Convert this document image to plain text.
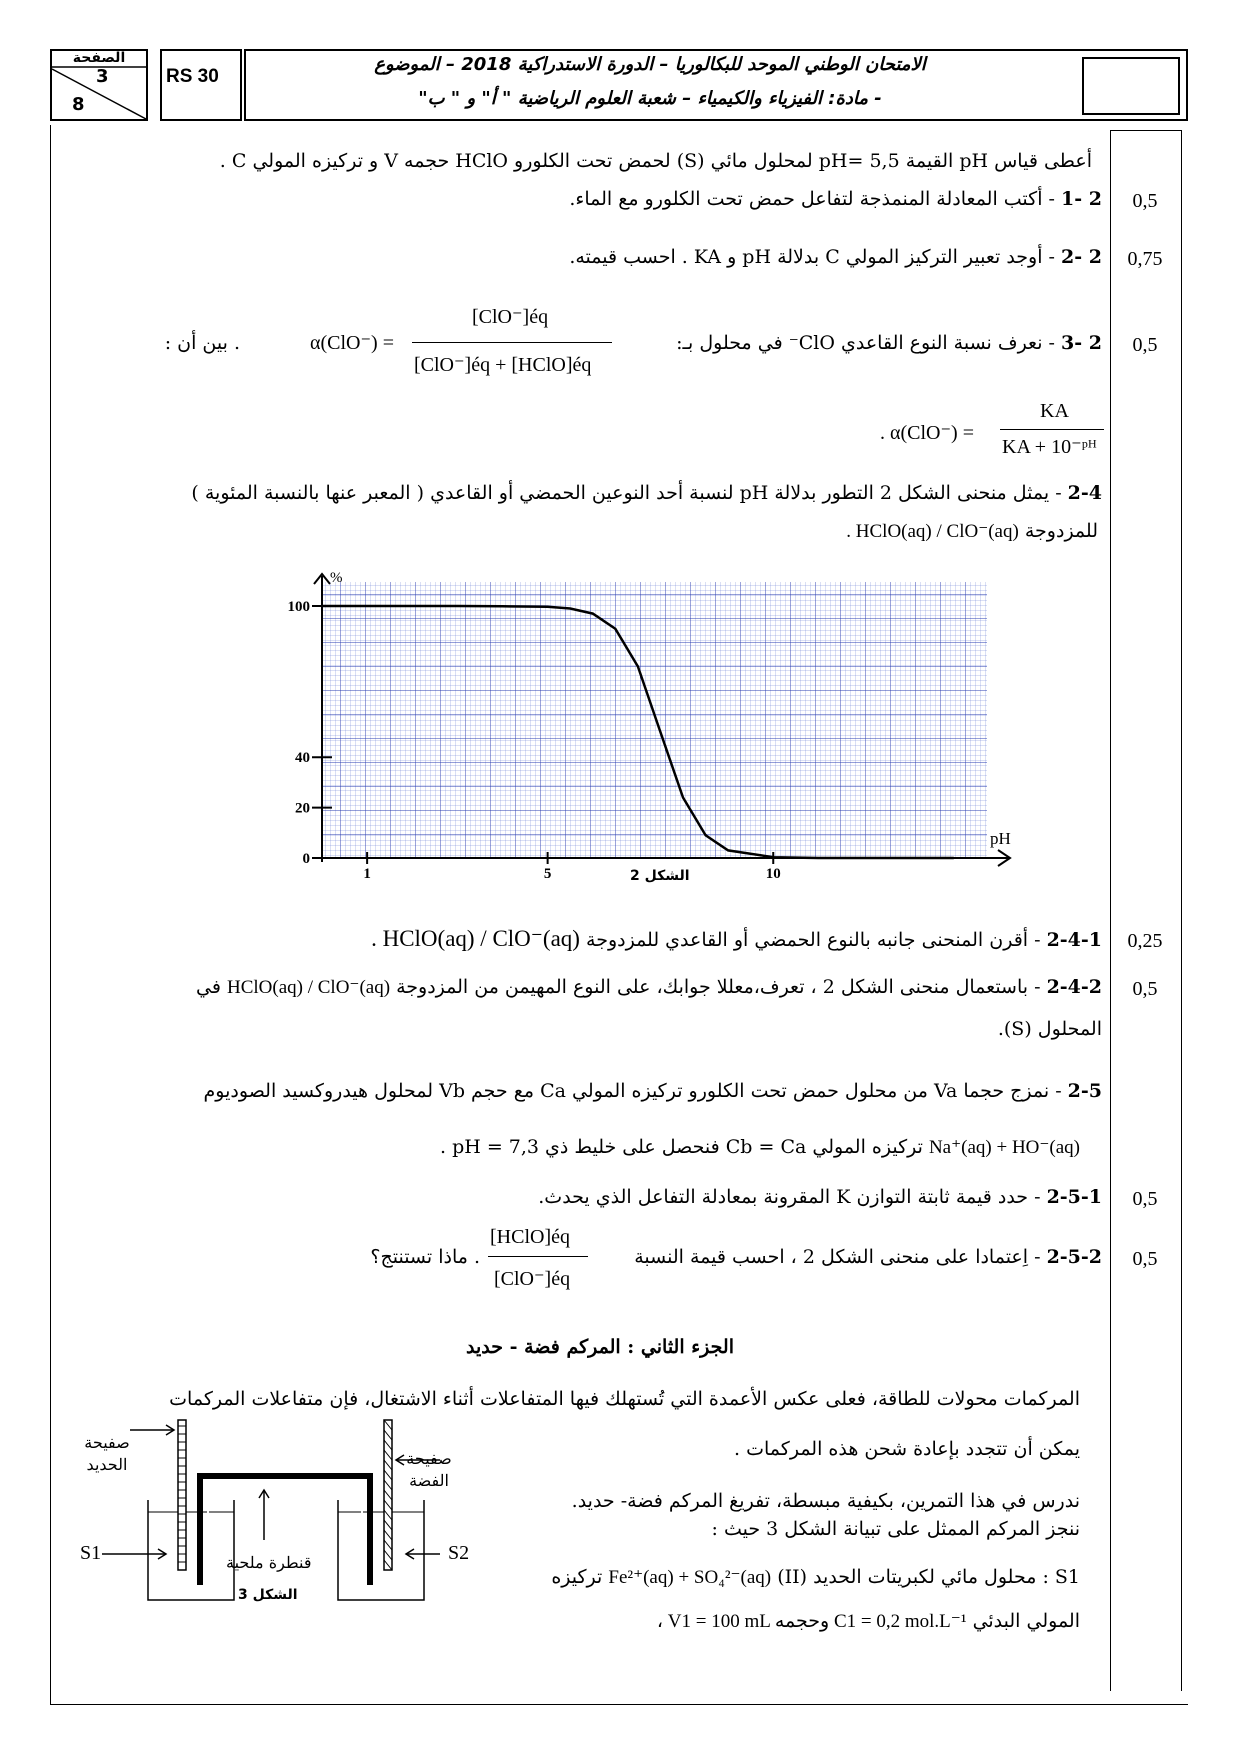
الصفحة
3
8
RS 30
الامتحان الوطني الموحد للبكالوريا – الدورة الاستدراكية 2018 – الموضوع
- مادة: الفيزياء والكيمياء – شعبة العلوم الرياضية " أ" و " ب"
أعطى قياس pH القيمة pH= 5,5 لمحلول مائي (S) لحمض تحت الكلورو HClO حجمه V و تركيزه المولي C .
2 -1 - أكتب المعادلة المنمذجة لتفاعل حمض تحت الكلورو مع الماء.	0,5
2 -2 - أوجد تعبير التركيز المولي C بدلالة pH و KA . احسب قيمته.	0,75
2 -3 - نعرف نسبة النوع القاعدي ClO⁻ في محلول بـ:	0,5
α(ClO⁻) =
[ClO⁻]éq
[ClO⁻]éq + [HClO]éq
. بين أن :
. α(ClO⁻) =
KA
KA + 10⁻ᵖᴴ
2-4 - يمثل منحنى الشكل 2 التطور بدلالة pH لنسبة أحد النوعين الحمضي أو القاعدي ( المعبر عنها بالنسبة المئوية )
للمزدوجة . HClO(aq) / ClO⁻(aq)
100
40
20
0
1	5	10
%
pH
الشكل 2
2-4-1 - أقرن المنحنى جانبه بالنوع الحمضي أو القاعدي للمزدوجة . HClO(aq) / ClO⁻(aq)	0,25
2-4-2 - باستعمال منحنى الشكل 2 ، تعرف،معللا جوابك، على النوع المهيمن من المزدوجة HClO(aq) / ClO⁻(aq) في
المحلول (S).
0,5
2-5 - نمزج حجما Va من محلول حمض تحت الكلورو تركيزه المولي Ca مع حجم Vb لمحلول هيدروكسيد الصوديوم
Na⁺(aq) + HO⁻(aq) تركيزه المولي Cb = Ca فنحصل على خليط ذي pH = 7,3 .
2-5-1 - حدد قيمة ثابتة التوازن K المقرونة بمعادلة التفاعل الذي يحدث.	0,5
2-5-2 - اِعتمادا على منحنى الشكل 2 ، احسب قيمة النسبة
[HClO]éq
[ClO⁻]éq
. ماذا تستنتج؟	0,5
الجزء الثاني : المركم فضة - حديد
المركمات محولات للطاقة، فعلى عكس الأعمدة التي تُستهلك فيها المتفاعلات أثناء الاشتغال، فإن متفاعلات المركمات
يمكن أن تتجدد بإعادة شحن هذه المركمات .
ندرس في هذا التمرين، بكيفية مبسطة، تفريغ المركم فضة- حديد.
ننجز المركم الممثل على تبيانة الشكل 3 حيث :
S1 : محلول مائي لكبريتات الحديد (II) Fe²⁺(aq) + SO₄²⁻(aq) تركيزه
المولي البدئي ، V1 = 100 mL وحجمه C1 = 0,2 mol.L⁻¹
صفيحة الحديد	صفيحة الفضة
قنطرة ملحية
S1	S2
الشكل 3
